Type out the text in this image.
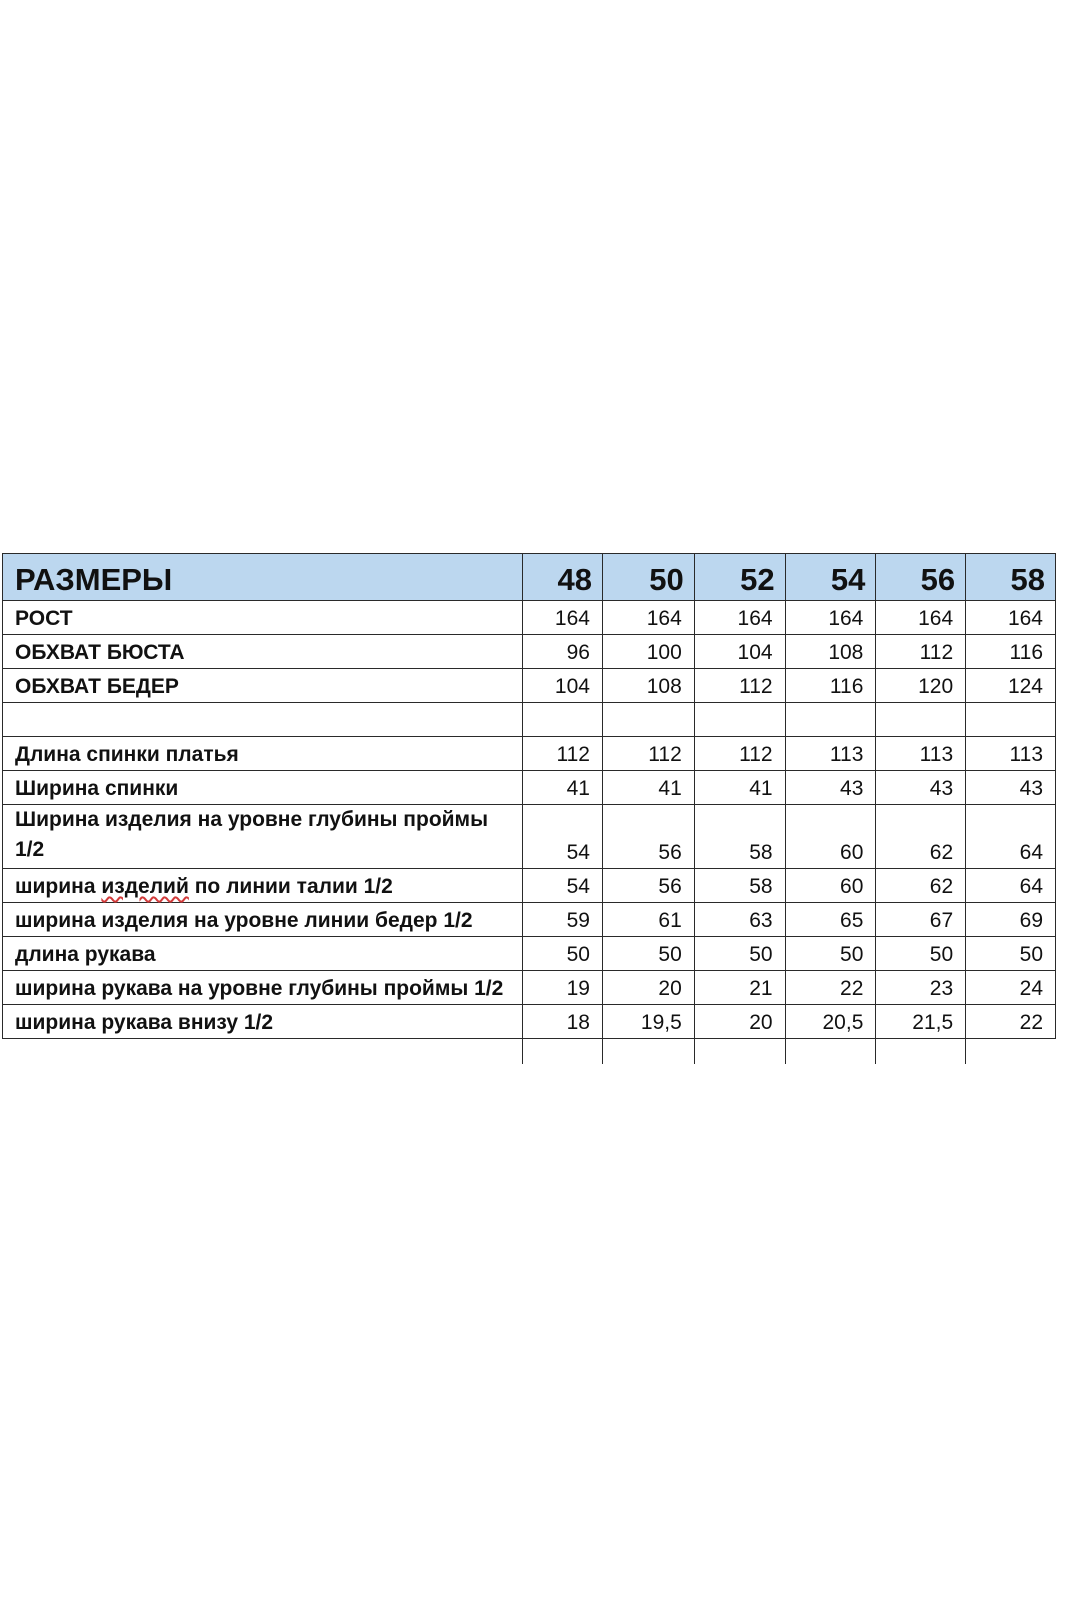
РАЗМЕРЫ	48	50	52	54	56	58
РОСТ	164	164	164	164	164	164
ОБХВАТ БЮСТА	96	100	104	108	112	116
ОБХВАТ БЕДЕР	104	108	112	116	120	124

Длина спинки платья	112	112	112	113	113	113
Ширина спинки	41	41	41	43	43	43

Ширина изделия на уровне глубины проймы
1/2	54	56	58	60	62	64
ширина изделий по линии талии 1/2	54	56	58	60	62	64
ширина изделия на уровне линии бедер 1/2	59	61	63	65	67	69
длина рукава	50	50	50	50	50	50
ширина рукава на уровне глубины проймы 1/2	19	20	21	22	23	24
ширина рукава внизу 1/2	18	19,5	20	20,5	21,5	22
